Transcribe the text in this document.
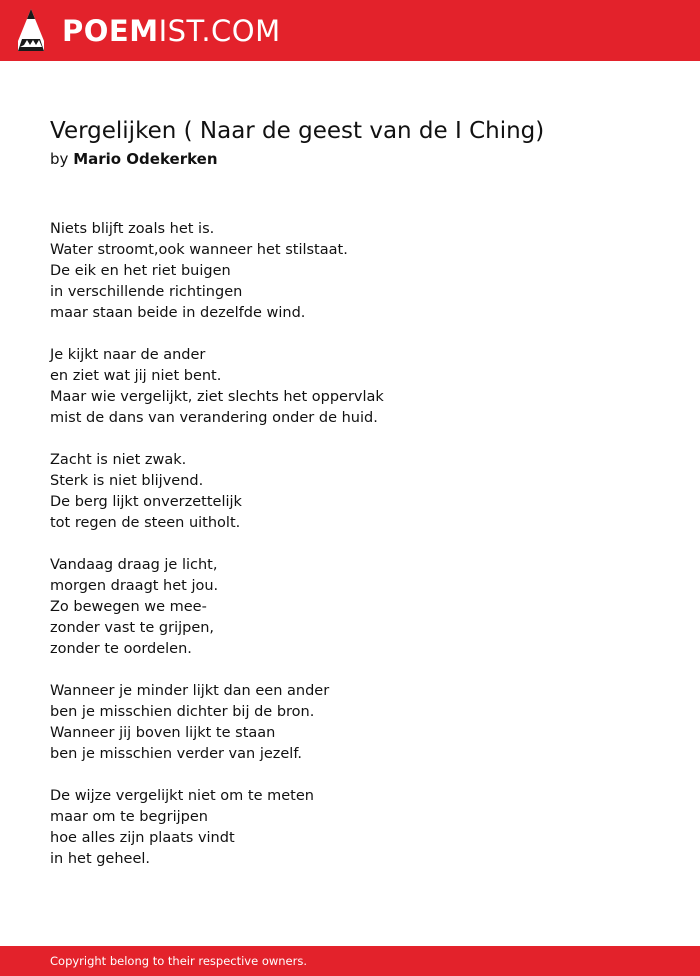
POEMIST.COM
Vergelijken ( Naar de geest van de I Ching)
by Mario Odekerken
Niets blijft zoals het is.
Water stroomt,ook wanneer het stilstaat.
De eik en het riet buigen
in verschillende richtingen
maar staan beide in dezelfde wind.
Je kijkt naar de ander
en ziet wat jij niet bent.
Maar wie vergelijkt, ziet slechts het oppervlak
mist de dans van verandering onder de huid.
Zacht is niet zwak.
Sterk is niet blijvend.
De berg lijkt onverzettelijk
tot regen de steen uitholt.
Vandaag draag je licht,
morgen draagt het jou.
Zo bewegen we mee-
zonder vast te grijpen,
zonder te oordelen.
Wanneer je minder lijkt dan een ander
ben je misschien dichter bij de bron.
Wanneer jij boven lijkt te staan
ben je misschien verder van jezelf.
De wijze vergelijkt niet om te meten
maar om te begrijpen
hoe alles zijn plaats vindt
in het geheel.
Copyright belong to their respective owners.
